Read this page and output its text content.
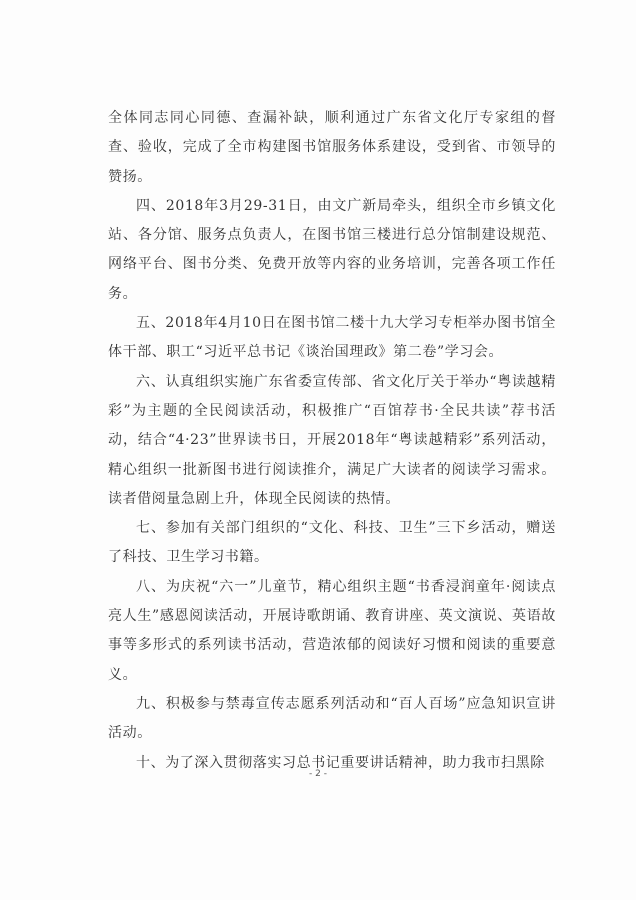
全体同志同心同德、查漏补缺，顺利通过广东省文化厅专家组的督查、验收，完成了全市构建图书馆服务体系建设，受到省、市领导的赞扬。

四、2018年3月29-31日，由文广新局牵头，组织全市乡镇文化站、各分馆、服务点负责人，在图书馆三楼进行总分馆制建设规范、网络平台、图书分类、免费开放等内容的业务培训，完善各项工作任务。

五、2018年4月10日在图书馆二楼十九大学习专柜举办图书馆全体干部、职工“习近平总书记《谈治国理政》第二卷”学习会。

六、认真组织实施广东省委宣传部、省文化厅关于举办“粤读越精彩”为主题的全民阅读活动，积极推广“百馆荐书·全民共读”荐书活动，结合“4·23”世界读书日，开展2018年“粤读越精彩”系列活动，精心组织一批新图书进行阅读推介，满足广大读者的阅读学习需求。读者借阅量急剧上升，体现全民阅读的热情。

七、参加有关部门组织的“文化、科技、卫生”三下乡活动，赠送了科技、卫生学习书籍。

八、为庆祝“六一”儿童节，精心组织主题“书香浸润童年·阅读点亮人生”感恩阅读活动，开展诗歌朗诵、教育讲座、英文演说、英语故事等多形式的系列读书活动，营造浓郁的阅读好习惯和阅读的重要意义。

九、积极参与禁毒宣传志愿系列活动和“百人百场”应急知识宣讲活动。

十、为了深入贯彻落实习总书记重要讲话精神，助力我市扫黑除

- 2 -
